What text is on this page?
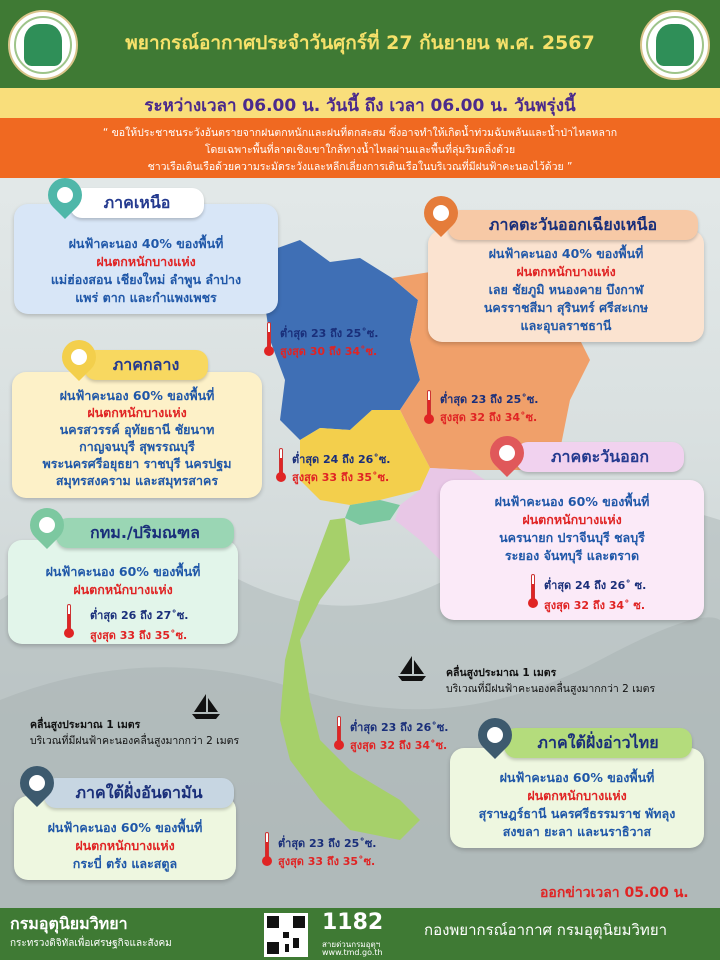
พยากรณ์อากาศประจำวันศุกร์ที่ 27 กันยายน พ.ศ. 2567
ระหว่างเวลา 06.00 น. วันนี้ ถึง เวลา 06.00 น. วันพรุ่งนี้
“ ขอให้ประชาชนระวังอันตรายจากฝนตกหนักและฝนที่ตกสะสม ซึ่งอาจทำให้เกิดน้ำท่วมฉับพลันและน้ำป่าไหลหลาก
โดยเฉพาะพื้นที่ลาดเชิงเขาใกล้ทางน้ำไหลผ่านและพื้นที่ลุ่มริมตลิ่งด้วย
ชาวเรือเดินเรือด้วยความระมัดระวังและหลีกเลี่ยงการเดินเรือในบริเวณที่มีฝนฟ้าคะนองไว้ด้วย ”
ฝนฟ้าคะนอง 40% ของพื้นที่
ฝนตกหนักบางแห่ง
แม่ฮ่องสอน เชียงใหม่ ลำพูน ลำปาง
แพร่ ตาก และกำแพงเพชร
ภาคเหนือ
ต่ำสุด 23 ถึง 25˚ซ.
สูงสุด 30 ถึง 34˚ซ.
ฝนฟ้าคะนอง 40% ของพื้นที่
ฝนตกหนักบางแห่ง
เลย ชัยภูมิ หนองคาย บึงกาฬ
นครราชสีมา สุรินทร์ ศรีสะเกษ
และอุบลราชธานี
ภาคตะวันออกเฉียงเหนือ
ต่ำสุด 23 ถึง 25˚ซ.
สูงสุด 32 ถึง 34˚ซ.
ฝนฟ้าคะนอง 60% ของพื้นที่
ฝนตกหนักบางแห่ง
นครสวรรค์ อุทัยธานี ชัยนาท
กาญจนบุรี สุพรรณบุรี
พระนครศรีอยุธยา ราชบุรี นครปฐม
สมุทรสงคราม และสมุทรสาคร
ภาคกลาง
ต่ำสุด 24 ถึง 26˚ซ.
สูงสุด 33 ถึง 35˚ซ.
ฝนฟ้าคะนอง 60% ของพื้นที่
ฝนตกหนักบางแห่ง
นครนายก ปราจีนบุรี ชลบุรี
ระยอง จันทบุรี และตราด
ภาคตะวันออก
ต่ำสุด 24 ถึง 26˚ ซ.
สูงสุด 32 ถึง 34˚ ซ.
ฝนฟ้าคะนอง 60% ของพื้นที่
ฝนตกหนักบางแห่ง
กทม./ปริมณฑล
ต่ำสุด 26 ถึง 27˚ซ.
สูงสุด 33 ถึง 35˚ซ.
คลื่นสูงประมาณ 1 เมตร
บริเวณที่มีฝนฟ้าคะนองคลื่นสูงมากกว่า 2 เมตร
คลื่นสูงประมาณ 1 เมตร
บริเวณที่มีฝนฟ้าคะนองคลื่นสูงมากกว่า 2 เมตร
ต่ำสุด 23 ถึง 26˚ซ.
สูงสุด 32 ถึง 34˚ซ.
ฝนฟ้าคะนอง 60% ของพื้นที่
ฝนตกหนักบางแห่ง
สุราษฎร์ธานี นครศรีธรรมราช พัทลุง
สงขลา ยะลา และนราธิวาส
ภาคใต้ฝั่งอ่าวไทย
ฝนฟ้าคะนอง 60% ของพื้นที่
ฝนตกหนักบางแห่ง
กระบี่ ตรัง และสตูล
ภาคใต้ฝั่งอันดามัน
ต่ำสุด 23 ถึง 25˚ซ.
สูงสุด 33 ถึง 35˚ซ.
ออกข่าวเวลา 05.00 น.
กรมอุตุนิยมวิทยา
กระทรวงดิจิทัลเพื่อเศรษฐกิจและสังคม
1182
สายด่วนกรมอุตุฯ
www.tmd.go.th
กองพยากรณ์อากาศ กรมอุตุนิยมวิทยา
